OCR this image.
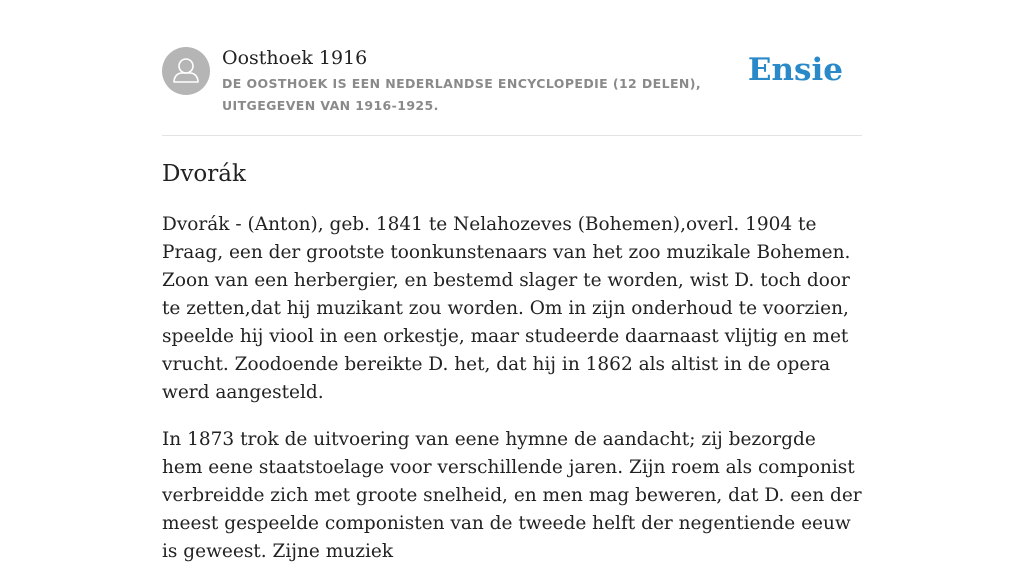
Oosthoek 1916
DE OOSTHOEK IS EEN NEDERLANDSE ENCYCLOPEDIE (12 DELEN), UITGEGEVEN VAN 1916-1925.
Ensie
Dvorák

Dvorák - (Anton), geb. 1841 te Nelahozeves (Bohemen),overl. 1904 te Praag, een der grootste toonkunstenaars van het zoo muzikale Bohemen. Zoon van een herbergier, en bestemd slager te worden, wist D. toch door te zetten,dat hij muzikant zou worden. Om in zijn onderhoud te voorzien, speelde hij viool in een orkestje, maar studeerde daarnaast vlijtig en met vrucht. Zoodoende bereikte D. het, dat hij in 1862 als altist in de opera werd aangesteld.

In 1873 trok de uitvoering van eene hymne de aandacht; zij bezorgde hem eene staatstoelage voor verschillende jaren. Zijn roem als componist verbreidde zich met groote snelheid, en men mag beweren, dat D. een der meest gespeelde componisten van de tweede helft der negentiende eeuw is geweest. Zijne muziek
